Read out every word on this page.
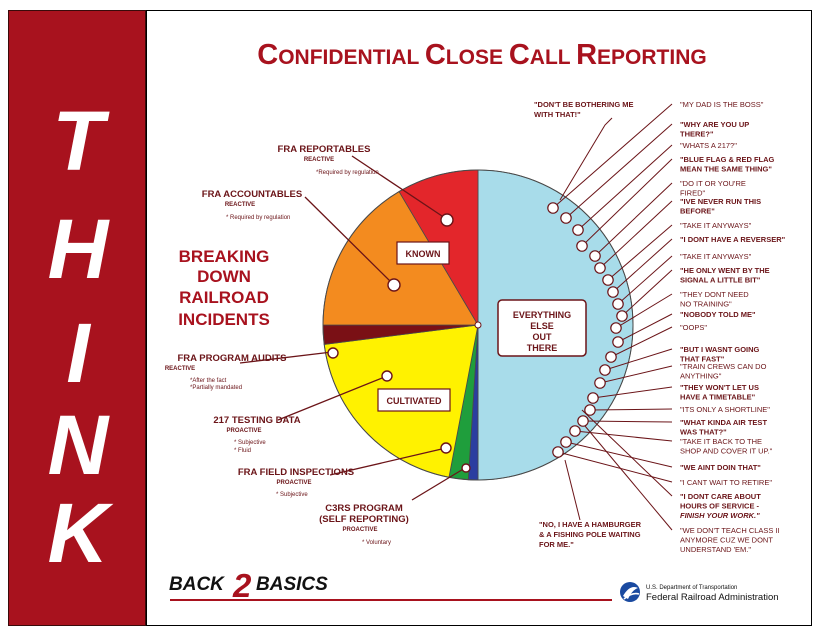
T
H
I
N
K
CONFIDENTIAL CLOSE CALL REPORTING
KNOWN
CULTIVATED
EVERYTHING
ELSE
OUT
THERE
FRA REPORTABLES
REACTIVE
*Required by regulation
FRA ACCOUNTABLES
REACTIVE
* Required by regulation
FRA PROGRAM AUDITS
REACTIVE
*After the fact
*Partially mandated
217 TESTING DATA
PROACTIVE
* Subjective
* Fluid
FRA FIELD INSPECTIONS
PROACTIVE
* Subjective
C3RS PROGRAM
(SELF REPORTING)
PROACTIVE
* Voluntary
BREAKING
DOWN
RAILROAD
INCIDENTS
"MY DAD IS THE BOSS"
"WHY ARE YOU UP
THERE?"
"WHATS A 217?"
"BLUE FLAG & RED FLAG
MEAN THE SAME THING"
"DO IT OR YOU'RE
FIRED"
"IVE NEVER RUN THIS
BEFORE"
"TAKE IT ANYWAYS"
"I DONT HAVE A REVERSER"
"TAKE IT ANYWAYS"
"HE ONLY WENT BY THE
SIGNAL A LITTLE BIT"
"THEY DONT NEED
NO TRAINING"
"NOBODY TOLD ME"
"OOPS"
"BUT I WASNT GOING
THAT FAST"
"TRAIN CREWS CAN DO
ANYTHING"
"THEY WON'T LET US
HAVE A TIMETABLE"
"ITS ONLY A SHORTLINE"
"WHAT KINDA AIR TEST
WAS THAT?"
"TAKE IT BACK TO THE
SHOP AND COVER IT UP."
"WE AINT DOIN THAT"
"I CANT WAIT TO RETIRE"
"I DONT CARE ABOUT
HOURS OF SERVICE -
FINISH YOUR WORK."
"WE DON'T TEACH CLASS II
ANYMORE CUZ WE DONT
UNDERSTAND 'EM."
"DON'T BE BOTHERING ME
WITH THAT!"
"NO, I HAVE A HAMBURGER
& A FISHING POLE WAITING
FOR ME."
BACK 2 BASICS	U.S. Department of Transportation
Federal Railroad Administration
